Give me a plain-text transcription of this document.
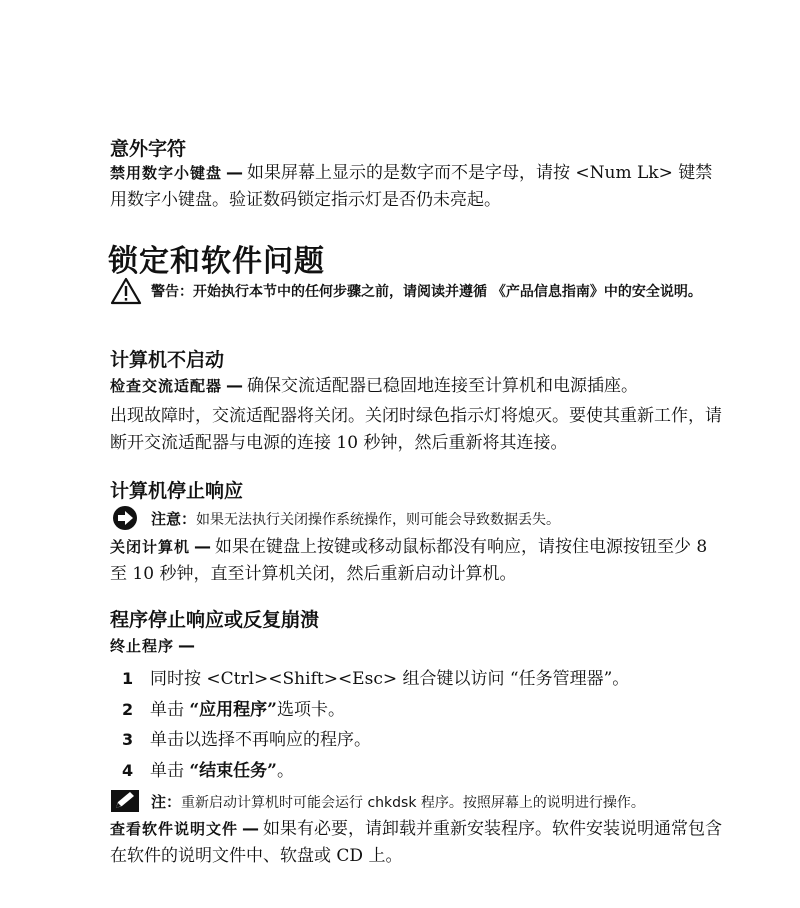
意外字符

禁用数字小键盘 — 如果屏幕上显示的是数字而不是字母，请按 <Num Lk> 键禁用数字小键盘。验证数码锁定指示灯是否仍未亮起。

锁定和软件问题

警告：开始执行本节中的任何步骤之前，请阅读并遵循 《产品信息指南》中的安全说明。

计算机不启动

检查交流适配器 — 确保交流适配器已稳固地连接至计算机和电源插座。

出现故障时，交流适配器将关闭。关闭时绿色指示灯将熄灭。要使其重新工作，请断开交流适配器与电源的连接 10 秒钟，然后重新将其连接。

计算机停止响应

注意：如果无法执行关闭操作系统操作，则可能会导致数据丢失。

关闭计算机 — 如果在键盘上按键或移动鼠标都没有响应，请按住电源按钮至少 8 至 10 秒钟，直至计算机关闭，然后重新启动计算机。

程序停止响应或反复崩溃

终止程序 —

1 同时按 <Ctrl><Shift><Esc> 组合键以访问 “任务管理器”。
2 单击 “应用程序”选项卡。
3 单击以选择不再响应的程序。
4 单击 “结束任务”。

注：重新启动计算机时可能会运行 chkdsk 程序。按照屏幕上的说明进行操作。

查看软件说明文件 — 如果有必要，请卸载并重新安装程序。软件安装说明通常包含在软件的说明文件中、软盘或 CD 上。
